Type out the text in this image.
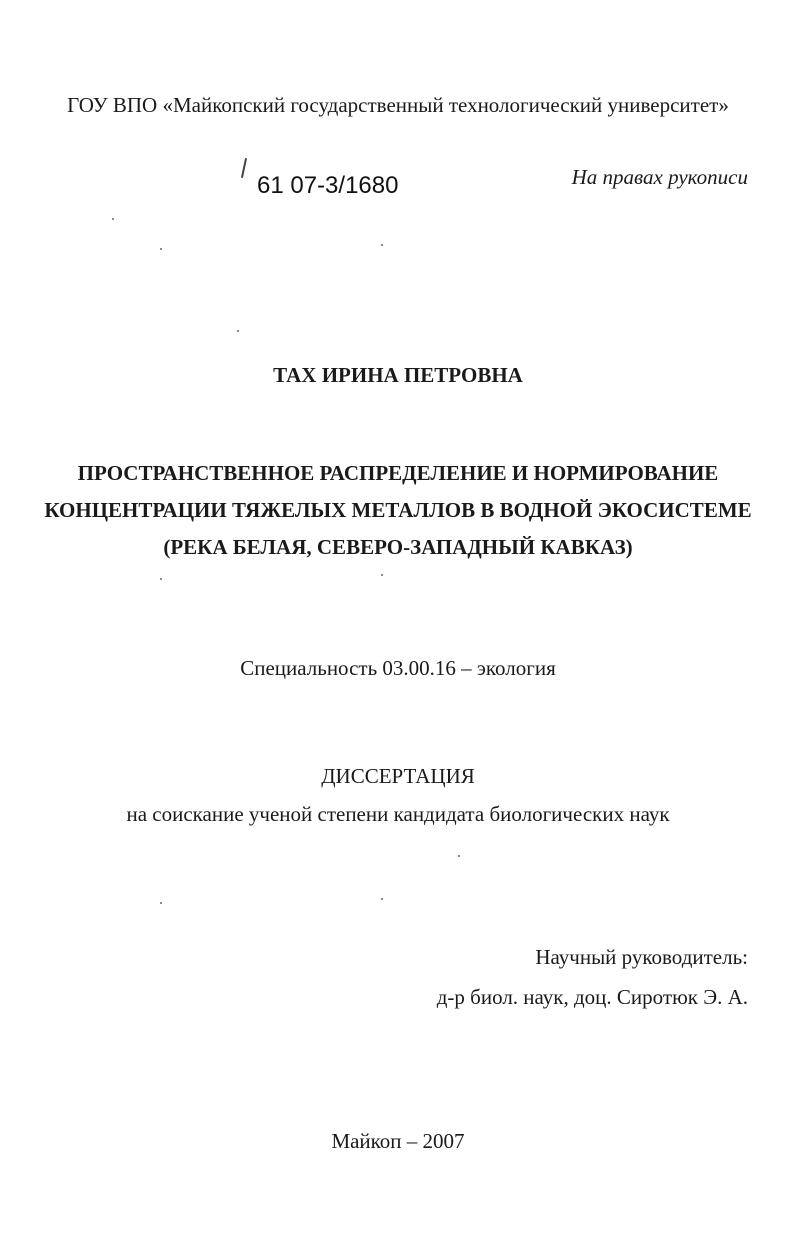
ГОУ ВПО «Майкопский государственный технологический университет»
61 07-3/1680	На правах рукописи
ТАХ ИРИНА ПЕТРОВНА
ПРОСТРАНСТВЕННОЕ РАСПРЕДЕЛЕНИЕ И НОРМИРОВАНИЕ
КОНЦЕНТРАЦИИ ТЯЖЕЛЫХ МЕТАЛЛОВ В ВОДНОЙ ЭКОСИСТЕМЕ
(РЕКА БЕЛАЯ, СЕВЕРО-ЗАПАДНЫЙ КАВКАЗ)
Специальность 03.00.16 – экология
ДИССЕРТАЦИЯ
на соискание ученой степени кандидата биологических наук
Научный руководитель:
д-р биол. наук, доц. Сиротюк Э. А.
Майкоп – 2007
